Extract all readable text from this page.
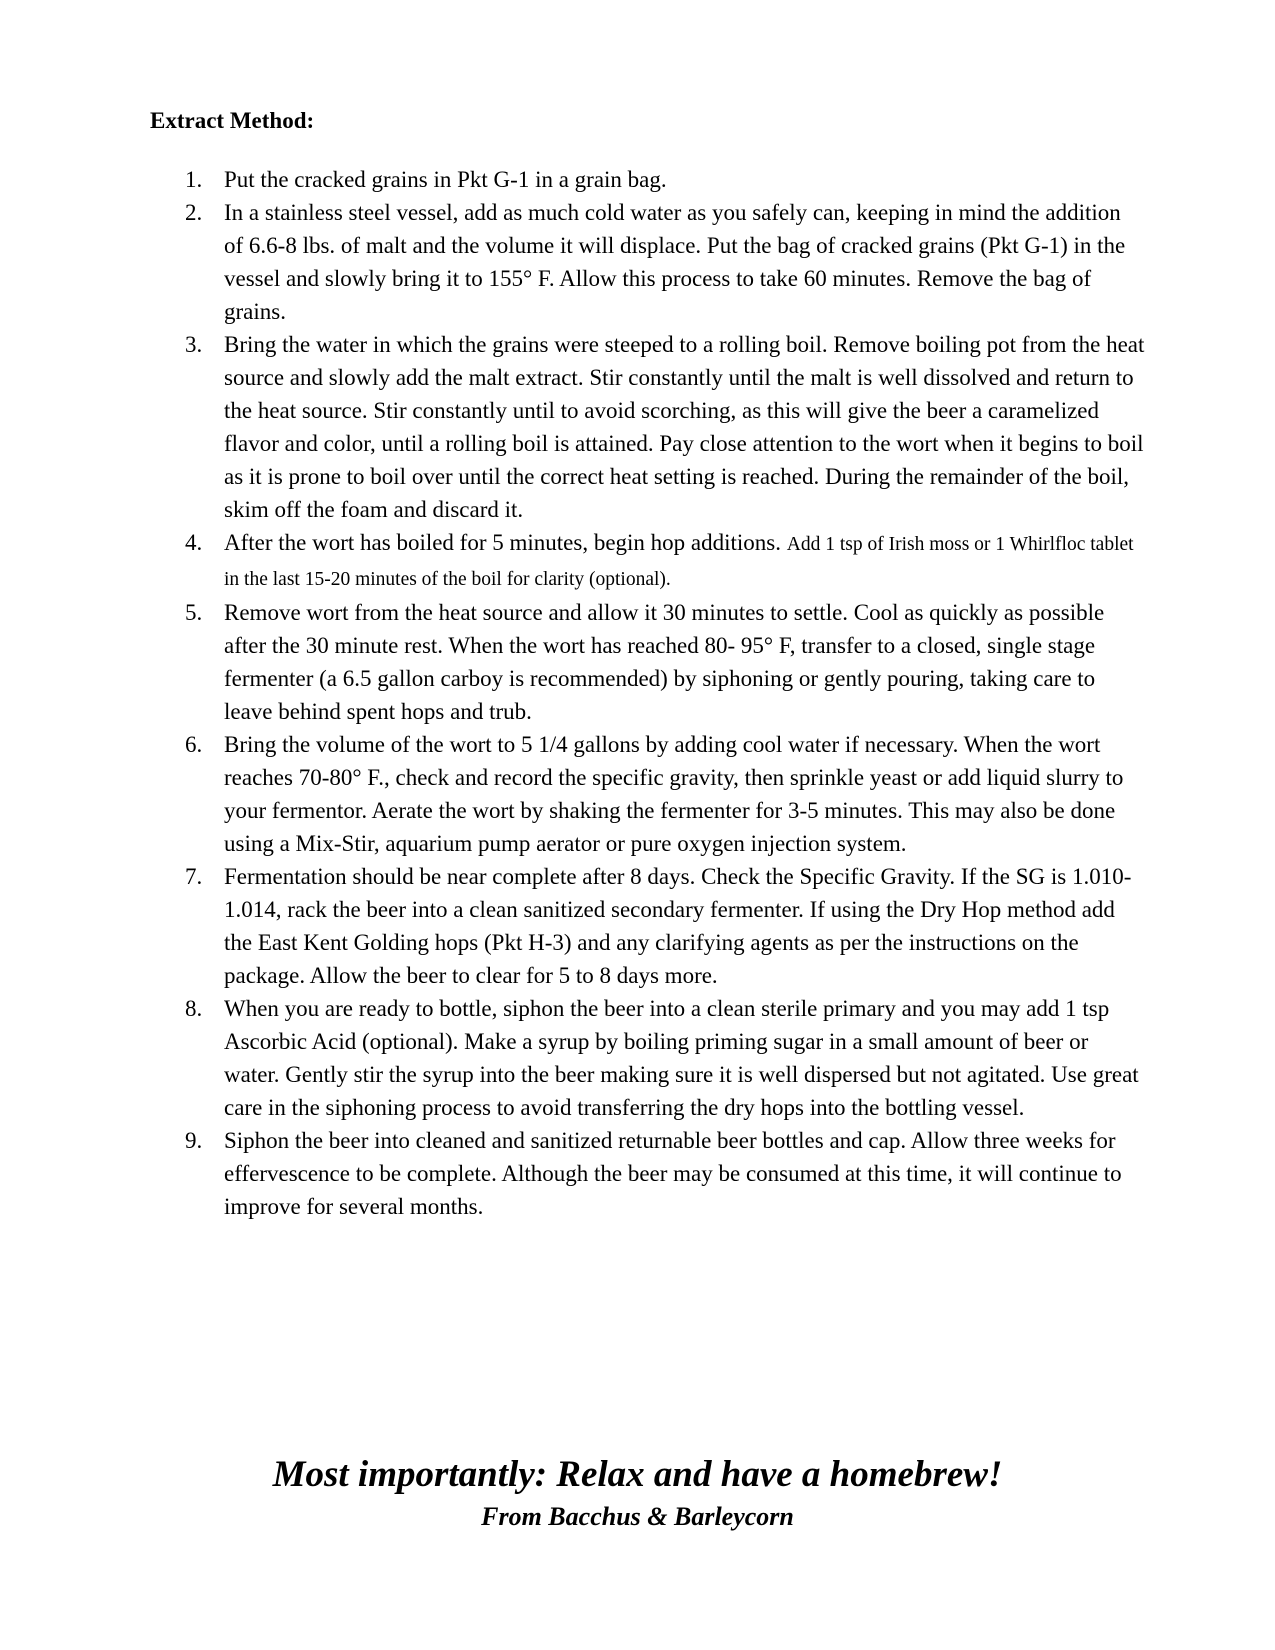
Extract Method:
1. Put the cracked grains in Pkt G-1 in a grain bag.
2. In a stainless steel vessel, add as much cold water as you safely can, keeping in mind the addition of 6.6-8 lbs. of malt and the volume it will displace. Put the bag of cracked grains (Pkt G-1) in the vessel and slowly bring it to 155° F. Allow this process to take 60 minutes. Remove the bag of grains.
3. Bring the water in which the grains were steeped to a rolling boil. Remove boiling pot from the heat source and slowly add the malt extract. Stir constantly until the malt is well dissolved and return to the heat source. Stir constantly until to avoid scorching, as this will give the beer a caramelized flavor and color, until a rolling boil is attained. Pay close attention to the wort when it begins to boil as it is prone to boil over until the correct heat setting is reached. During the remainder of the boil, skim off the foam and discard it.
4. After the wort has boiled for 5 minutes, begin hop additions. Add 1 tsp of Irish moss or 1 Whirlfloc tablet in the last 15-20 minutes of the boil for clarity (optional).
5. Remove wort from the heat source and allow it 30 minutes to settle. Cool as quickly as possible after the 30 minute rest. When the wort has reached 80- 95° F, transfer to a closed, single stage fermenter (a 6.5 gallon carboy is recommended) by siphoning or gently pouring, taking care to leave behind spent hops and trub.
6. Bring the volume of the wort to 5 1/4 gallons by adding cool water if necessary. When the wort reaches 70-80° F., check and record the specific gravity, then sprinkle yeast or add liquid slurry to your fermentor. Aerate the wort by shaking the fermenter for 3-5 minutes. This may also be done using a Mix-Stir, aquarium pump aerator or pure oxygen injection system.
7. Fermentation should be near complete after 8 days. Check the Specific Gravity. If the SG is 1.010-1.014, rack the beer into a clean sanitized secondary fermenter. If using the Dry Hop method add the East Kent Golding hops (Pkt H-3) and any clarifying agents as per the instructions on the package. Allow the beer to clear for 5 to 8 days more.
8. When you are ready to bottle, siphon the beer into a clean sterile primary and you may add 1 tsp Ascorbic Acid (optional). Make a syrup by boiling priming sugar in a small amount of beer or water. Gently stir the syrup into the beer making sure it is well dispersed but not agitated. Use great care in the siphoning process to avoid transferring the dry hops into the bottling vessel.
9. Siphon the beer into cleaned and sanitized returnable beer bottles and cap. Allow three weeks for effervescence to be complete. Although the beer may be consumed at this time, it will continue to improve for several months.

Most importantly: Relax and have a homebrew!

From Bacchus & Barleycorn
